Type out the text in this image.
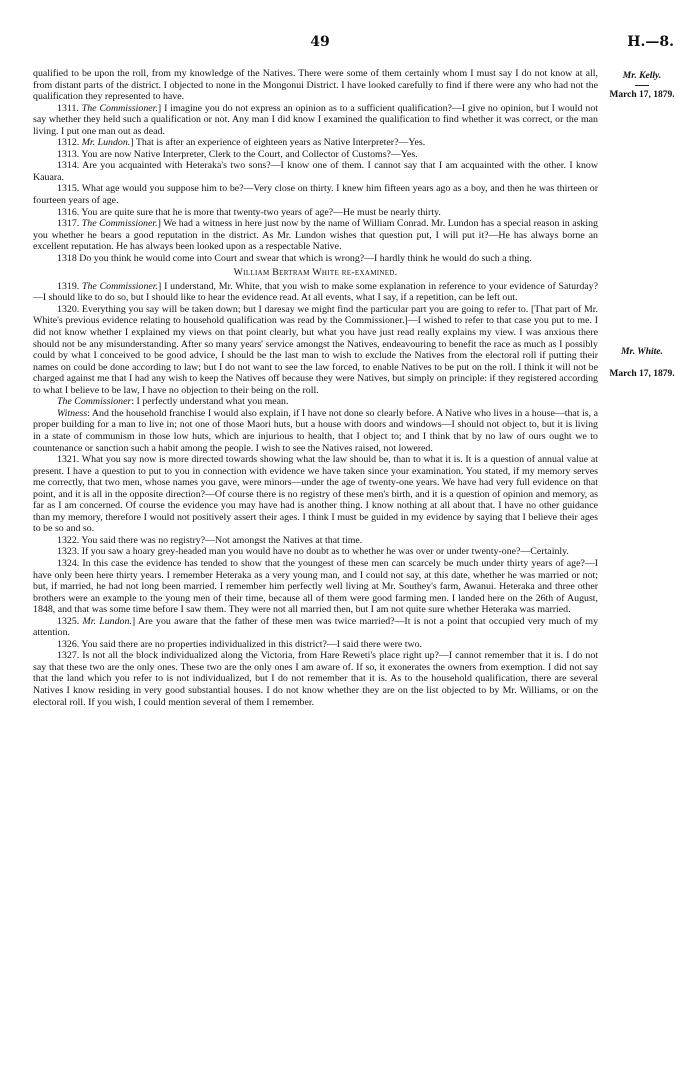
49	H.—8.
Mr. Kelly.
March 17, 1879.
Mr. White.
March 17, 1879.

qualified to be upon the roll, from my knowledge of the Natives. There were some of them certainly whom I must say I do not know at all, from distant parts of the district. I objected to none in the Mongonui District. I have looked carefully to find if there were any who had not the qualification they represented to have.

1311. The Commissioner.] I imagine you do not express an opinion as to a sufficient qualification?—I give no opinion, but I would not say whether they held such a qualification or not. Any man I did know I examined the qualification to find whether it was correct, or the man living. I put one man out as dead.

1312. Mr. Lundon.] That is after an experience of eighteen years as Native Interpreter?—Yes.

1313. You are now Native Interpreter, Clerk to the Court, and Collector of Customs?—Yes.

1314. Are you acquainted with Heteraka's two sons?—I know one of them. I cannot say that I am acquainted with the other. I know Kauara.

1315. What age would you suppose him to be?—Very close on thirty. I knew him fifteen years ago as a boy, and then he was thirteen or fourteen years of age.

1316. You are quite sure that he is more that twenty-two years of age?—He must be nearly thirty.

1317. The Commissioner.] We had a witness in here just now by the name of William Conrad. Mr. Lundon has a special reason in asking you whether he bears a good reputation in the district. As Mr. Lundon wishes that question put, I will put it?—He has always borne an excellent reputation. He has always been looked upon as a respectable Native.

1318 Do you think he would come into Court and swear that which is wrong?—I hardly think he would do such a thing.

William Bertram White re-examined.

1319. The Commissioner.] I understand, Mr. White, that you wish to make some explanation in reference to your evidence of Saturday?—I should like to do so, but I should like to hear the evidence read. At all events, what I say, if a repetition, can be left out.

1320. Everything you say will be taken down; but I daresay we might find the particular part you are going to refer to. [That part of Mr. White's previous evidence relating to household qualification was read by the Commissioner.]—I wished to refer to that case you put to me. I did not know whether I explained my views on that point clearly, but what you have just read really explains my view. I was anxious there should not be any misunderstanding. After so many years' service amongst the Natives, endeavouring to benefit the race as much as I possibly could by what I conceived to be good advice, I should be the last man to wish to exclude the Natives from the electoral roll if putting their names on could be done according to law; but I do not want to see the law forced, to enable Natives to be put on the roll. I think it will not be charged against me that I had any wish to keep the Natives off because they were Natives, but simply on principle: if they registered according to what I believe to be law, I have no objection to their being on the roll.

The Commissioner: I perfectly understand what you mean.

Witness: And the household franchise I would also explain, if I have not done so clearly before. A Native who lives in a house—that is, a proper building for a man to live in; not one of those Maori huts, but a house with doors and windows—I should not object to, but it is living in a state of communism in those low huts, which are injurious to health, that I object to; and I think that by no law of ours ought we to countenance or sanction such a habit among the people. I wish to see the Natives raised, not lowered.

1321. What you say now is more directed towards showing what the law should be, than to what it is. It is a question of annual value at present. I have a question to put to you in connection with evidence we have taken since your examination. You stated, if my memory serves me correctly, that two men, whose names you gave, were minors—under the age of twenty-one years. We have had very full evidence on that point, and it is all in the opposite direction?—Of course there is no registry of these men's birth, and it is a question of opinion and memory, as far as I am concerned. Of course the evidence you may have had is another thing. I know nothing at all about that. I have no other guidance than my memory, therefore I would not positively assert their ages. I think I must be guided in my evidence by saying that I believe their ages to be so and so.

1322. You said there was no registry?—Not amongst the Natives at that time.

1323. If you saw a hoary grey-headed man you would have no doubt as to whether he was over or under twenty-one?—Certainly.

1324. In this case the evidence has tended to show that the youngest of these men can scarcely be much under thirty years of age?—I have only been here thirty years. I remember Heteraka as a very young man, and I could not say, at this date, whether he was married or not; but, if married, he had not long been married. I remember him perfectly well living at Mr. Southey's farm, Awanui. Heteraka and three other brothers were an example to the young men of their time, because all of them were good farming men. I landed here on the 26th of August, 1848, and that was some time before I saw them. They were not all married then, but I am not quite sure whether Heteraka was married.

1325. Mr. Lundon.] Are you aware that the father of these men was twice married?—It is not a point that occupied very much of my attention.

1326. You said there are no properties individualized in this district?—I said there were two.

1327. Is not all the block individualized along the Victoria, from Hare Reweti's place right up?—I cannot remember that it is. I do not say that these two are the only ones. These two are the only ones I am aware of. If so, it exonerates the owners from exemption. I did not say that the land which you refer to is not individualized, but I do not remember that it is. As to the household qualification, there are several Natives I know residing in very good substantial houses. I do not know whether they are on the list objected to by Mr. Williams, or on the electoral roll. If you wish, I could mention several of them I remember.
